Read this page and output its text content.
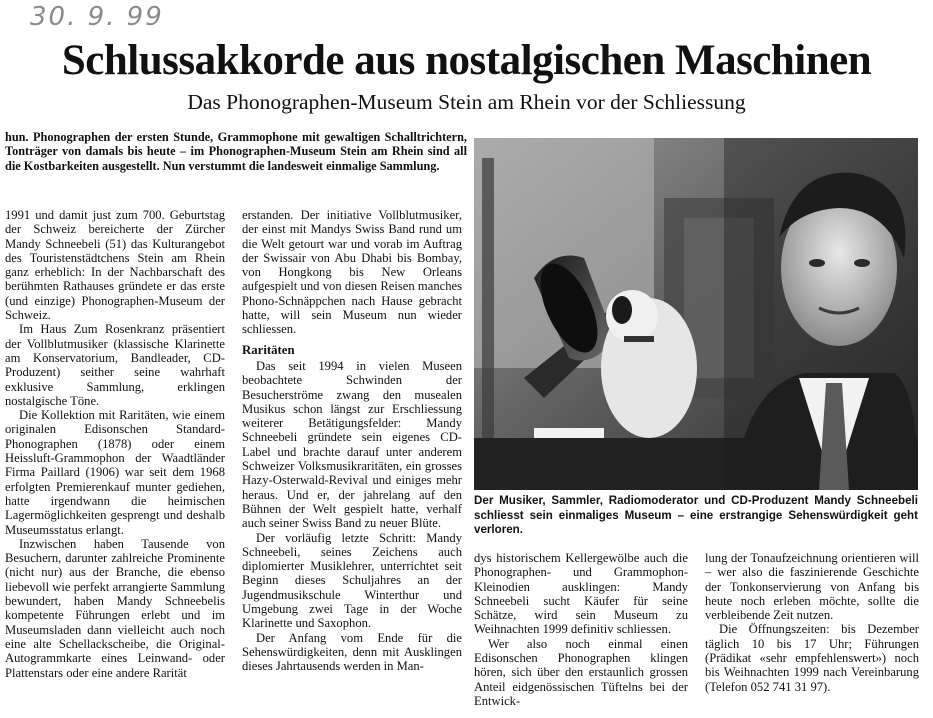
30. 9. 99
Schlussakkorde aus nostalgischen Maschinen
Das Phonographen-Museum Stein am Rhein vor der Schliessung

hun. Phonographen der ersten Stunde, Grammophone mit gewaltigen Schalltrichtern, Tonträger von damals bis heute – im Phonographen-Museum Stein am Rhein sind all die Kostbarkeiten ausgestellt. Nun verstummt die landesweit einmalige Sammlung.

1991 und damit just zum 700. Geburtstag der Schweiz bereicherte der Zürcher Mandy Schneebeli (51) das Kulturangebot des Touristenstädtchens Stein am Rhein ganz erheblich: In der Nachbarschaft des berühmten Rathauses gründete er das erste (und einzige) Phonographen-Museum der Schweiz.

Im Haus Zum Rosenkranz präsentiert der Vollblutmusiker (klassische Klarinette am Konservatorium, Bandleader, CD-Produzent) seither seine wahrhaft exklusive Sammlung, erklingen nostalgische Töne.

Die Kollektion mit Raritäten, wie einem originalen Edisonschen Standard-Phonographen (1878) oder einem Heissluft-Grammophon der Waadtländer Firma Paillard (1906) war seit dem 1968 erfolgten Premierenkauf munter gediehen, hatte irgendwann die heimischen Lagermöglichkeiten gesprengt und deshalb Museumsstatus erlangt.

Inzwischen haben Tausende von Besuchern, darunter zahlreiche Prominente (nicht nur) aus der Branche, die ebenso liebevoll wie perfekt arrangierte Sammlung bewundert, haben Mandy Schneebelis kompetente Führungen erlebt und im Museumsladen dann vielleicht auch noch eine alte Schellackscheibe, die Original-Autogrammkarte eines Leinwand- oder Plattenstars oder eine andere Rarität

erstanden. Der initiative Vollblutmusiker, der einst mit Mandys Swiss Band rund um die Welt getourt war und vorab im Auftrag der Swissair von Abu Dhabi bis Bombay, von Hongkong bis New Orleans aufgespielt und von diesen Reisen manches Phono-Schnäppchen nach Hause gebracht hatte, will sein Museum nun wieder schliessen.

Raritäten

Das seit 1994 in vielen Museen beobachtete Schwinden der Besucherströme zwang den musealen Musikus schon längst zur Erschliessung weiterer Betätigungsfelder: Mandy Schneebeli gründete sein eigenes CD-Label und brachte darauf unter anderem Schweizer Volksmusikraritäten, ein grosses Hazy-Osterwald-Revival und einiges mehr heraus. Und er, der jahrelang auf den Bühnen der Welt gespielt hatte, verhalf auch seiner Swiss Band zu neuer Blüte.

Der vorläufig letzte Schritt: Mandy Schneebeli, seines Zeichens auch diplomierter Musiklehrer, unterrichtet seit Beginn dieses Schuljahres an der Jugendmusikschule Winterthur und Umgebung zwei Tage in der Woche Klarinette und Saxophon.

Der Anfang vom Ende für die Sehenswürdigkeiten, denn mit Ausklingen dieses Jahrtausends werden in Man-

Der Musiker, Sammler, Radiomoderator und CD-Produzent Mandy Schneebeli schliesst sein einmaliges Museum – eine erstrangige Sehenswürdigkeit geht verloren.

dys historischem Kellergewölbe auch die Phonographen- und Grammophon-Kleinodien ausklingen: Mandy Schneebeli sucht Käufer für seine Schätze, wird sein Museum zu Weihnachten 1999 definitiv schliessen.

Wer also noch einmal einen Edisonschen Phonographen klingen hören, sich über den erstaunlich grossen Anteil eidgenössischen Tüftelns bei der Entwick-

lung der Tonaufzeichnung orientieren will – wer also die faszinierende Geschichte der Tonkonservierung von Anfang bis heute noch erleben möchte, sollte die verbleibende Zeit nutzen.

Die Öffnungszeiten: bis Dezember täglich 10 bis 17 Uhr; Führungen (Prädikat «sehr empfehlenswert») noch bis Weihnachten 1999 nach Vereinbarung (Telefon 052 741 31 97).
